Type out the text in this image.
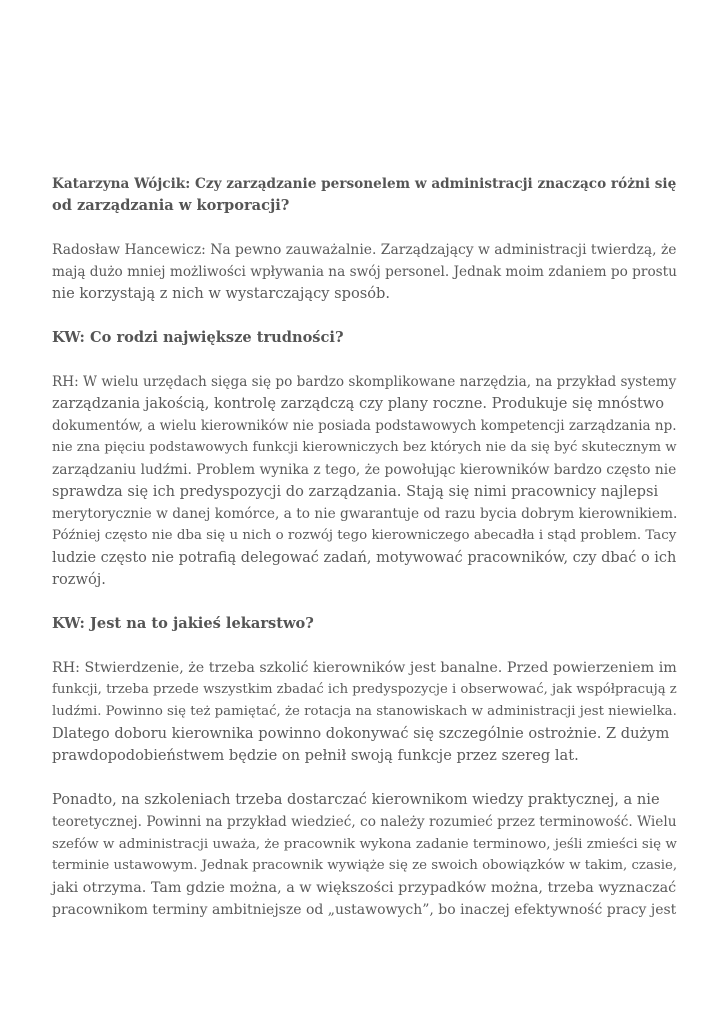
Katarzyna Wójcik: Czy zarządzanie personelem w administracji znacząco różni się
od zarządzania w korporacji?

Radosław Hancewicz: Na pewno zauważalnie. Zarządzający w administracji twierdzą, że
mają dużo mniej możliwości wpływania na swój personel. Jednak moim zdaniem po prostu
nie korzystają z nich w wystarczający sposób.

KW: Co rodzi największe trudności?

RH: W wielu urzędach sięga się po bardzo skomplikowane narzędzia, na przykład systemy
zarządzania jakością, kontrolę zarządczą czy plany roczne. Produkuje się mnóstwo
dokumentów, a wielu kierowników nie posiada podstawowych kompetencji zarządzania np.
nie zna pięciu podstawowych funkcji kierowniczych bez których nie da się być skutecznym w
zarządzaniu ludźmi. Problem wynika z tego, że powołując kierowników bardzo często nie
sprawdza się ich predyspozycji do zarządzania. Stają się nimi pracownicy najlepsi
merytorycznie w danej komórce, a to nie gwarantuje od razu bycia dobrym kierownikiem.
Później często nie dba się u nich o rozwój tego kierowniczego abecadła i stąd problem. Tacy
ludzie często nie potrafią delegować zadań, motywować pracowników, czy dbać o ich
rozwój.

KW: Jest na to jakieś lekarstwo?

RH: Stwierdzenie, że trzeba szkolić kierowników jest banalne. Przed powierzeniem im
funkcji, trzeba przede wszystkim zbadać ich predyspozycje i obserwować, jak współpracują z
ludźmi. Powinno się też pamiętać, że rotacja na stanowiskach w administracji jest niewielka.
Dlatego doboru kierownika powinno dokonywać się szczególnie ostrożnie. Z dużym
prawdopodobieństwem będzie on pełnił swoją funkcje przez szereg lat.

Ponadto, na szkoleniach trzeba dostarczać kierownikom wiedzy praktycznej, a nie
teoretycznej. Powinni na przykład wiedzieć, co należy rozumieć przez terminowość. Wielu
szefów w administracji uważa, że pracownik wykona zadanie terminowo, jeśli zmieści się w
terminie ustawowym. Jednak pracownik wywiąże się ze swoich obowiązków w takim, czasie,
jaki otrzyma. Tam gdzie można, a w większości przypadków można, trzeba wyznaczać
pracownikom terminy ambitniejsze od „ustawowych”, bo inaczej efektywność pracy jest
